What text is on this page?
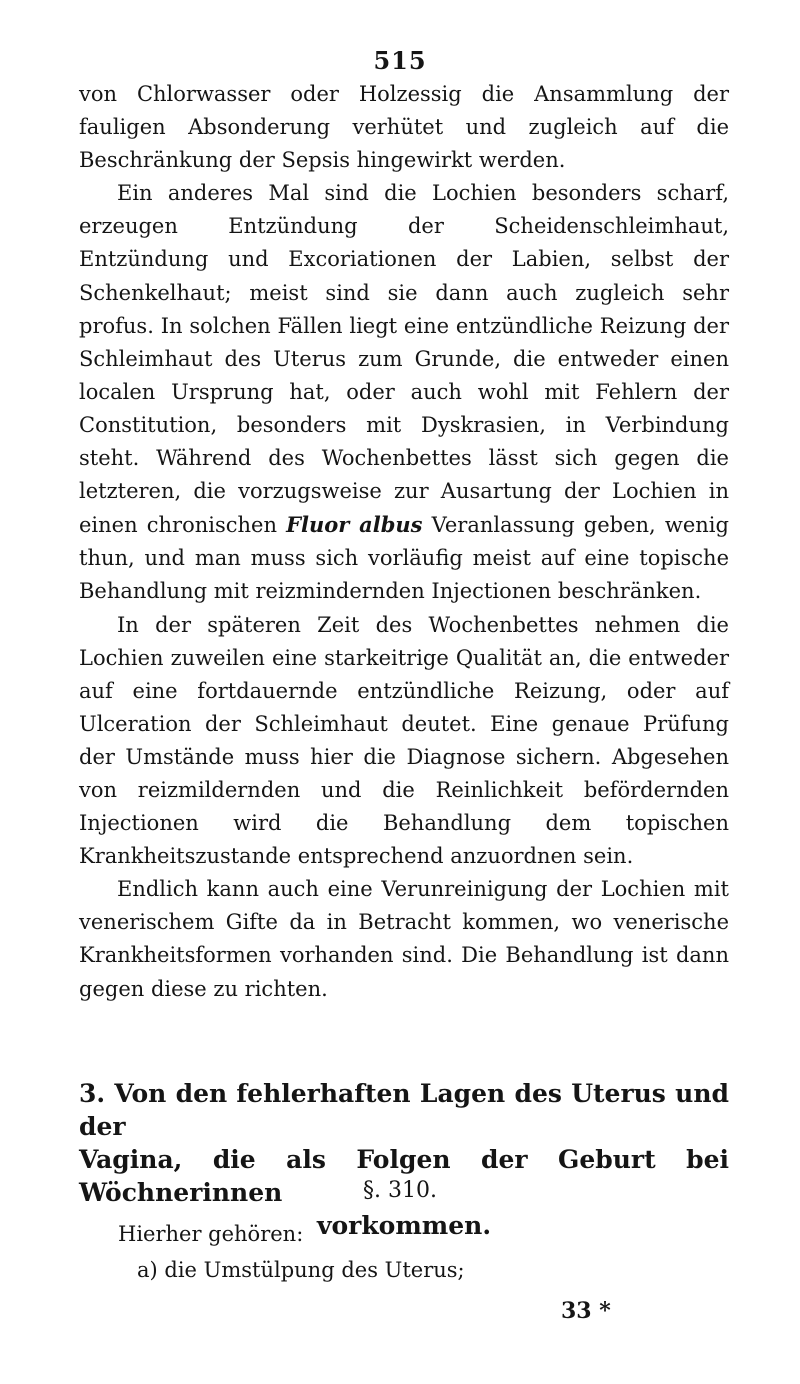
515

von Chlorwasser oder Holzessig die Ansammlung der fauligen Absonderung verhütet und zugleich auf die Beschränkung der Sepsis hingewirkt werden.

Ein anderes Mal sind die Lochien besonders scharf, erzeugen Entzündung der Scheidenschleimhaut, Entzündung und Excoriationen der Labien, selbst der Schenkelhaut; meist sind sie dann auch zugleich sehr profus. In solchen Fällen liegt eine entzündliche Reizung der Schleimhaut des Uterus zum Grunde, die entweder einen localen Ursprung hat, oder auch wohl mit Fehlern der Constitution, besonders mit Dyskrasien, in Verbindung steht. Während des Wochenbettes lässt sich gegen die letzteren, die vorzugsweise zur Ausartung der Lochien in einen chronischen Fluor albus Veranlassung geben, wenig thun, und man muss sich vorläufig meist auf eine topische Behandlung mit reizmindernden Injectionen beschränken.

In der späteren Zeit des Wochenbettes nehmen die Lochien zuweilen eine starkeitrige Qualität an, die entweder auf eine fortdauernde entzündliche Reizung, oder auf Ulceration der Schleimhaut deutet. Eine genaue Prüfung der Umstände muss hier die Diagnose sichern. Abgesehen von reizmildernden und die Reinlichkeit befördernden Injectionen wird die Behandlung dem topischen Krankheitszustande entsprechend anzuordnen sein.

Endlich kann auch eine Verunreinigung der Lochien mit venerischem Gifte da in Betracht kommen, wo venerische Krankheitsformen vorhanden sind. Die Behandlung ist dann gegen diese zu richten.

3. Von den fehlerhaften Lagen des Uterus und der
Vagina, die als Folgen der Geburt bei Wöchnerinnen
vorkommen.
§. 310.
Hierher gehören:
a) die Umstülpung des Uterus;
33 *
